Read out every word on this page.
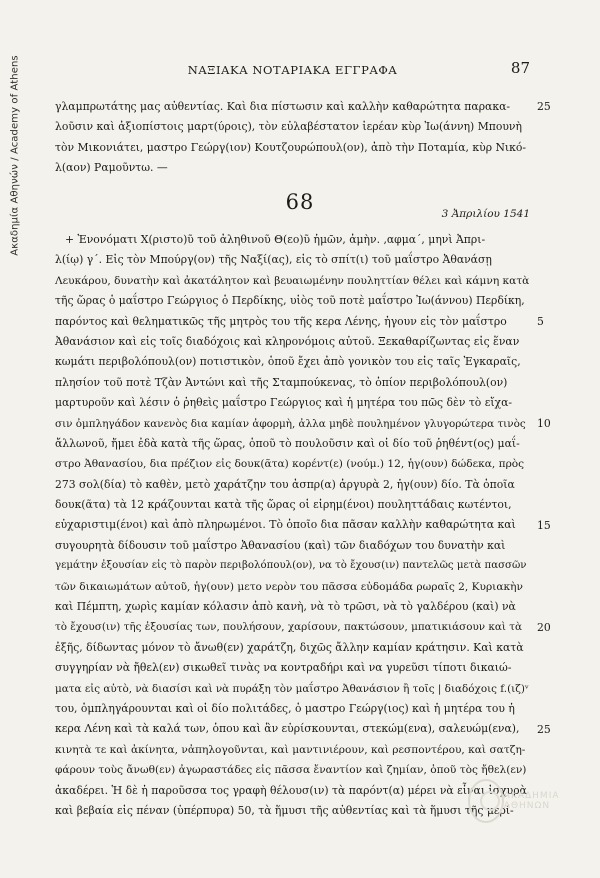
Ακαδημία Αθηνών / Academy of Athens	ΝΑΞΙΑΚΑ ΝΟΤΑΡΙΑΚΑ ΕΓΓΡΑΦΑ	87
γλαμπρωτάτης μας αὐθεντίας. Καὶ δια πίστωσιν καὶ καλλὴν καθαρώτητα παρακα-
λοῦσιν καὶ ἀξιοπίστοις μαρτ(ύροις), τὸν εὐλαβέστατον ἱερέαν κὺρ Ἰω(άννη) Μπουνὴ
τὸν Μικονιάτει, μαστρο Γεώργ(ιον) Κουτζουρώπουλ(ον), ἀπὸ τὴν Ποταμία, κὺρ Νικό-
λ(αον) Ραμοῦντω. —
25
68	3 Ἀπριλίου 1541
+ Ἐνονόματι Χ(ριστο)ῦ τοῦ ἀληθινοῦ Θ(εο)ῦ ἡμῶν, ἀμὴν. ,αφμα΄, μηνὶ Ἀπρι-
λ(ίῳ) γ΄. Εἰς τὸν Μπούργ(ον) τῆς Ναξί(ας), εἰς τὸ σπίτ(ι) τοῦ μαΐστρο Ἀθανάσῃ
Λευκάρου, δυνατὴν καὶ ἀκατάλητον καὶ βευαιωμένην πουληττίαν θέλει καὶ κάμνη κατὰ
τῆς ὥρας ὁ μαΐστρο Γεώργιος ὁ Περδίκης, υἱὸς τοῦ ποτὲ μαΐστρο Ἰω(άννου) Περδίκη,
παρόντος καὶ θεληματικῶς τῆς μητρὸς του τῆς κερα Λένης, ἡγουν εἰς τὸν μαΐστρο
Ἀθανάσιον καὶ εἰς τοῖς διαδόχοις καὶ κληρονόμοις αὐτοῦ. Ξεκαθαρίζωντας εἰς ἕναν
κωμάτι περιβολόπουλ(ον) ποτιστικὸν, ὁποῦ ἔχει ἀπὸ γονικὸν του εἰς ταῖς Ἐγκαραῖς,
πλησίον τοῦ ποτὲ Τζὰν Ἀντώνι καὶ τῆς Σταμπούκενας, τὸ ὁπίον περιβολόπουλ(ον)
μαρτυροῦν καὶ λέσιν ὁ ῥηθεὶς μαΐστρο Γεώργιος καὶ ἡ μητέρα του πῶς δὲν τὸ εἴχα-
σιν ὀμπληγάδον κανενὸς δια καμίαν ἀφορμὴ, ἀλλα μηδὲ πουλημένον γλυγορώτερα τινὸς
ἄλλωνοῦ, ἤμει ἐδὰ κατὰ τῆς ὥρας, ὁποῦ τὸ πουλοῦσιν καὶ οἱ δίο τοῦ ῥηθέντ(ος) μαΐ-
στρο Ἀθανασίου, δια πρέζιον εἰς δουκ(ᾶτα) κορέντ(ε) (νούμ.) 12, ἡγ(ουν) δώδεκα, πρὸς
273 σολ(δία) τὸ καθὲν, μετὸ χαράτζην του ἀσπρ(α) ἀργυρὰ 2, ἡγ(ουν) δίο. Τὰ ὁποῖα
δουκ(ᾶτα) τὰ 12 κράζουνται κατὰ τῆς ὥρας οἱ εἰρημ(ένοι) πουληττάδαις κωτέντοι,
εὐχαριστιμ(ένοι) καὶ ἀπὸ πληρωμένοι. Τὸ ὁποῖο δια πᾶσαν καλλὴν καθαρώτητα καὶ
συγουρητὰ δίδουσιν τοῦ μαΐστρο Ἀθανασίου (καὶ) τῶν διαδόχων του δυνατὴν καὶ
γεμάτην ἐξουσίαν εἰς τὸ παρὸν περιβολόπουλ(ον), να τὸ ἔχουσ(ιν) παντελῶς μετὰ πασσῶν
τῶν δικαιωμάτων αὐτοῦ, ἡγ(ουν) μετο νερὸν του πᾶσσα εὐδομάδα ρωραῖς 2, Κυριακὴν
καὶ Πέμπτη, χωρὶς καμίαν κόλασιν ἀπὸ κανὴ, νὰ τὸ τρῶσι, νὰ τὸ γαλδέρου (καὶ) νὰ
τὸ ἔχουσ(ιν) τῆς ἐξουσίας των, πουλήσουν, χαρίσουν, πακτώσουν, μπατικιάσουν καὶ τὰ
ἐξῆς, δίδωντας μόνον τὸ ἄνωθ(εν) χαράτζη, διχῶς ἄλλην καμίαν κράτησιν. Καὶ κατὰ
συγγηρίαν νὰ ἤθελ(εν) σικωθεῖ τινὰς να κοντραδήρι καὶ να γυρεῦσι τίποτι δικαιώ-
ματα εἰς αὐτὸ, νὰ διασίσι καὶ νὰ πυράξη τὸν μαΐστρο Ἀθανάσιον ἢ τοῖς | διαδόχοις f.(ιζ)ᵛ
του, ὁμπληγάρουνται καὶ οἱ δίο πολιτάδες, ὁ μαστρο Γεώργ(ιος) καὶ ἡ μητέρα του ἡ
κερα Λένη καὶ τὰ καλά των, ὁπου καὶ ἂν εὑρίσκουνται, στεκώμ(ενα), σαλευώμ(ενα),
κινητὰ τε καὶ ἀκίνητα, νἀπηλογοῦνται, καὶ μαντινιέρουν, καὶ ρεσποντέρου, καὶ σατζη-
φάρουν τοὺς ἄνωθ(εν) ἀγωραστάδες εἰς πᾶσσα ἔναντίον καὶ ζημίαν, ὁποῦ τὸς ἤθελ(εν)
ἀκαδέρει. Ἡ δὲ ἡ παροῦσσα τος γραφὴ θέλουσ(ιν) τὰ παρόντ(α) μέρει νὰ εἶναι ἰσχυρὰ
καὶ βεβαία εἰς πέναν (ὑπέρπυρα) 50, τὰ ἥμυσι τῆς αὐθεντίας καὶ τὰ ἥμυσι τῆς μερί-
5
10
15
20
25
ΑΚΑΔΗΜΙΑ ΑΘΗΝΩΝ
